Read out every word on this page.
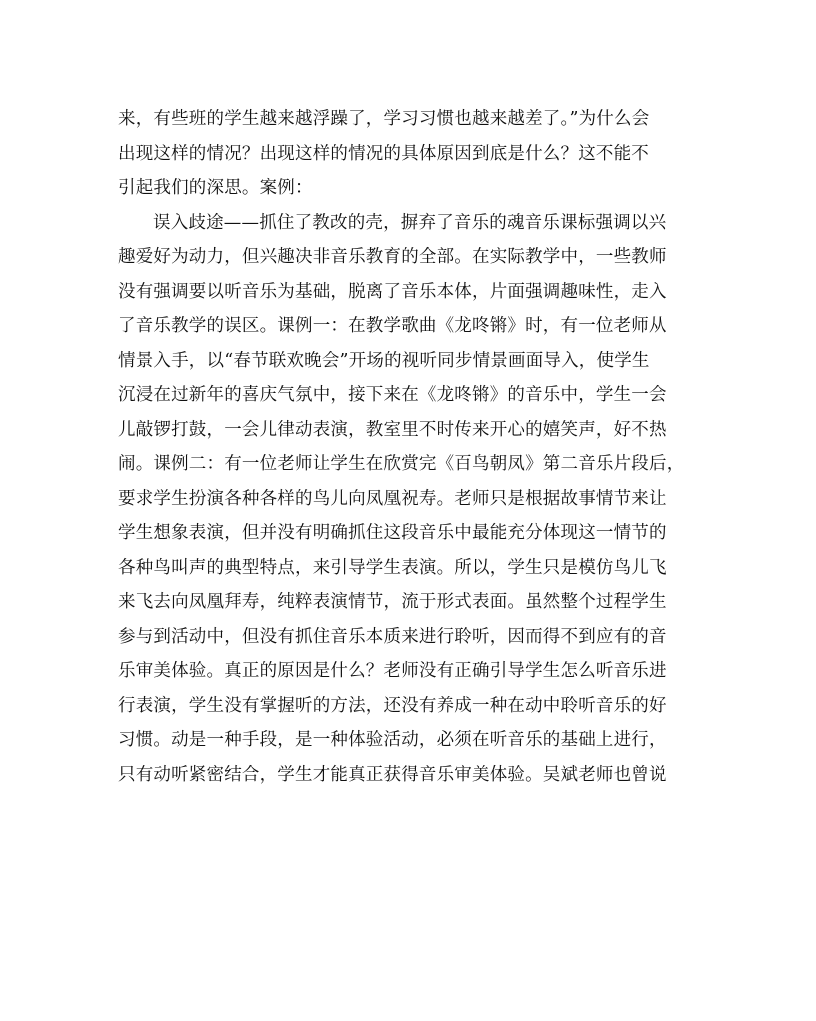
来，有些班的学生越来越浮躁了，学习习惯也越来越差了。”为什么会
出现这样的情况？出现这样的情况的具体原因到底是什么？这不能不
引起我们的深思。案例：
误入歧途——抓住了教改的壳，摒弃了音乐的魂音乐课标强调以兴
趣爱好为动力，但兴趣决非音乐教育的全部。在实际教学中，一些教师
没有强调要以听音乐为基础，脱离了音乐本体，片面强调趣味性，走入
了音乐教学的误区。课例一：在教学歌曲《龙咚锵》时，有一位老师从
情景入手，以“春节联欢晚会”开场的视听同步情景画面导入，使学生
沉浸在过新年的喜庆气氛中，接下来在《龙咚锵》的音乐中，学生一会
儿敲锣打鼓，一会儿律动表演，教室里不时传来开心的嬉笑声，好不热
闹。课例二：有一位老师让学生在欣赏完《百鸟朝凤》第二音乐片段后，
要求学生扮演各种各样的鸟儿向凤凰祝寿。老师只是根据故事情节来让
学生想象表演，但并没有明确抓住这段音乐中最能充分体现这一情节的
各种鸟叫声的典型特点，来引导学生表演。所以，学生只是模仿鸟儿飞
来飞去向凤凰拜寿，纯粹表演情节，流于形式表面。虽然整个过程学生
参与到活动中，但没有抓住音乐本质来进行聆听，因而得不到应有的音
乐审美体验。真正的原因是什么？老师没有正确引导学生怎么听音乐进
行表演，学生没有掌握听的方法，还没有养成一种在动中聆听音乐的好
习惯。动是一种手段，是一种体验活动，必须在听音乐的基础上进行，
只有动听紧密结合，学生才能真正获得音乐审美体验。吴斌老师也曾说
